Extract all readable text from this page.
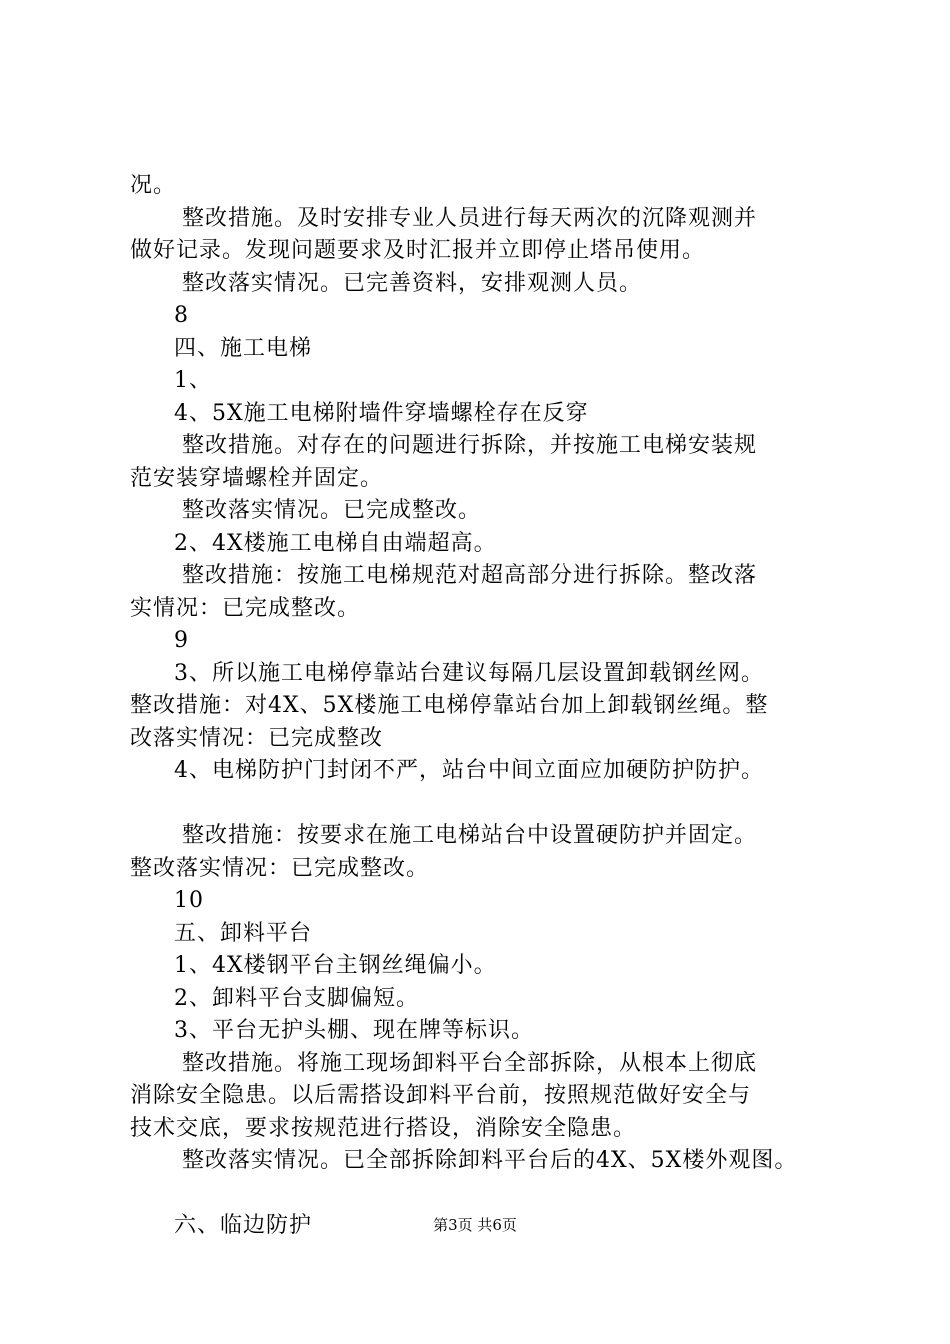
况。
整改措施。及时安排专业人员进行每天两次的沉降观测并
做好记录。发现问题要求及时汇报并立即停止塔吊使用。
整改落实情况。已完善资料，安排观测人员。
8
四、施工电梯
1、
4、5X施工电梯附墙件穿墙螺栓存在反穿
整改措施。对存在的问题进行拆除，并按施工电梯安装规
范安装穿墙螺栓并固定。
整改落实情况。已完成整改。
2、4X楼施工电梯自由端超高。
整改措施：按施工电梯规范对超高部分进行拆除。整改落
实情况：已完成整改。
9
3、所以施工电梯停靠站台建议每隔几层设置卸载钢丝网。
整改措施：对4X、5X楼施工电梯停靠站台加上卸载钢丝绳。整
改落实情况：已完成整改
4、电梯防护门封闭不严，站台中间立面应加硬防护防护。
整改措施：按要求在施工电梯站台中设置硬防护并固定。
整改落实情况：已完成整改。
10
五、卸料平台
1、4X楼钢平台主钢丝绳偏小。
2、卸料平台支脚偏短。
3、平台无护头棚、现在牌等标识。
整改措施。将施工现场卸料平台全部拆除，从根本上彻底
消除安全隐患。以后需搭设卸料平台前，按照规范做好安全与
技术交底，要求按规范进行搭设，消除安全隐患。
整改落实情况。已全部拆除卸料平台后的4X、5X楼外观图。
六、临边防护	第3页 共6页
